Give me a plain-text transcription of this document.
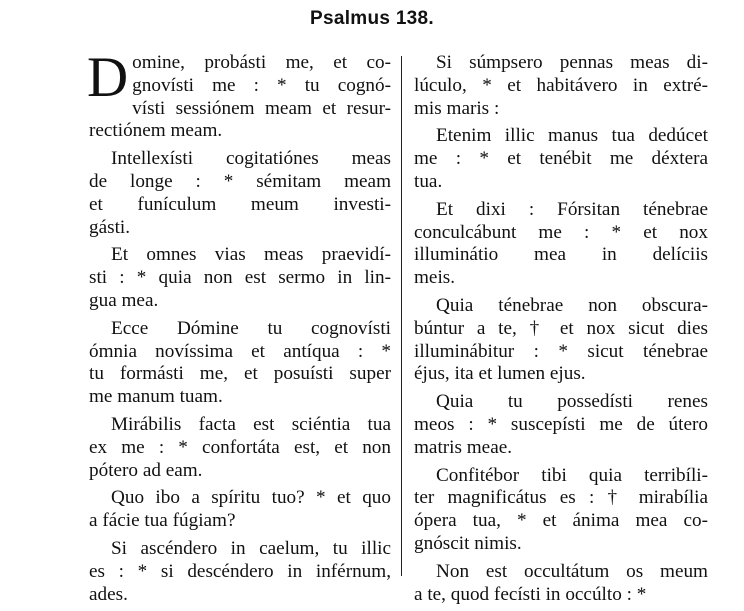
Psalmus 138.
D omine, probásti me, et co-
gnovísti me : * tu cognó-
vísti sessiónem meam et resur-
rectiónem meam.
Intellexísti cogitatiónes meas
de longe : * sémitam meam
et funículum meum investi-
gásti.
Et omnes vias meas praevidí-
sti : * quia non est sermo in lin-
gua mea.
Ecce Dómine tu cognovísti
ómnia novíssima et antíqua : *
tu formásti me, et posuísti super
me manum tuam.
Mirábilis facta est sciéntia tua
ex me : * confortáta est, et non
pótero ad eam.
Quo ibo a spíritu tuo? * et quo
a fácie tua fúgiam?
Si ascéndero in caelum, tu illic
es : * si descéndero in inférnum,
ades.
Si súmpsero pennas meas di-
lúculo, * et habitávero in extré-
mis maris :
Etenim illic manus tua dedúcet
me : * et tenébit me déxtera
tua.
Et dixi : Fórsitan ténebrae
conculcábunt me : * et nox
illuminátio mea in delíciis
meis.
Quia ténebrae non obscura-
búntur a te, † et nox sicut dies
illuminábitur : * sicut ténebrae
éjus, ita et lumen ejus.
Quia tu possedísti renes
meos : * suscepísti me de útero
matris meae.
Confitébor tibi quia terribíli-
ter magnificátus es : † mirabília
ópera tua, * et ánima mea co-
gnóscit nimis.
Non est occultátum os meum
a te, quod fecísti in occúlto : *
